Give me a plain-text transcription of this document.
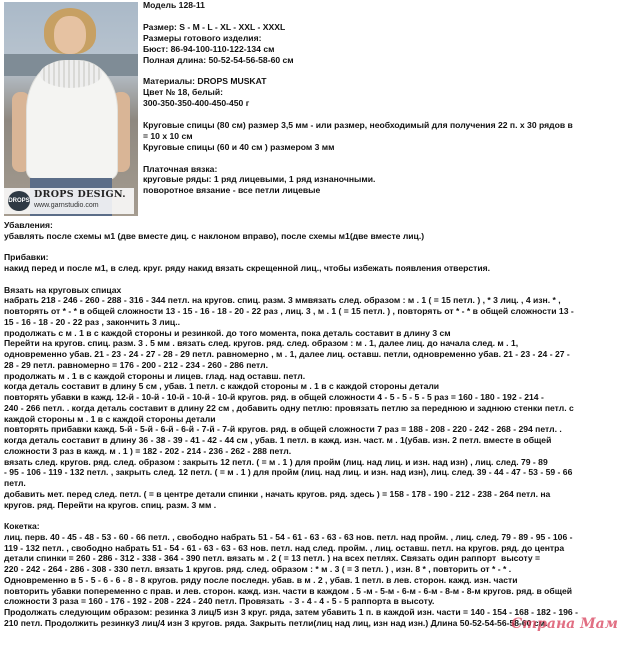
DROPS
DROPS DESIGN.
www.garnstudio.com
Модель 128-11
Размер: S - M - L - XL - XXL - XXXL
Размеры готового изделия:
Бюст: 86-94-100-110-122-134 см
Полная длина: 50-52-54-56-58-60 см
Материалы: DROPS MUSKAT
Цвет № 18, белый:
300-350-350-400-450-450 г
Круговые спицы (80 см) размер 3,5 мм - или размер, необходимый для получения 22 п. х 30 рядов в
= 10 х 10 см
Круговые спицы (60 и 40 см ) размером 3 мм
Платочная вязка:
круговые ряды: 1 ряд лицевыми, 1 ряд изнаночными.
поворотное вязание - все петли лицевые
Убавления:
убавлять после схемы м1 (две вместе диц. с наклоном вправо), после схемы м1(две вместе лиц.)
Прибавки:
накид перед и после м1, в след. круг. ряду накид вязать скрещенной лиц., чтобы избежать появления отверстия.
Вязать на круговых спицах
набрать 218 - 246 - 260 - 288 - 316 - 344 петл. на кругов. спиц. разм. 3 ммвязать след. образом : м . 1 ( = 15 петл. ) , * 3 лиц. , 4 изн. * ,
повторять от * - * в общей сложности 13 - 15 - 16 - 18 - 20 - 22 раз , лиц. 3 , м . 1 ( = 15 петл. ) , повторять от * - * в общей сложности 13 -
15 - 16 - 18 - 20 - 22 раз , закончить 3 лиц..
продолжать с м . 1 в с каждой стороны и резинкой. до того момента, пока деталь составит в длину 3 см
Перейти на кругов. спиц. разм. 3 . 5 мм . вязать след. кругов. ряд. след. образом : м . 1, далее лиц. до начала след. м . 1,
одновременно убав. 21 - 23 - 24 - 27 - 28 - 29 петл. равномерно , м . 1, далее лиц. оставш. петли, одновременно убав. 21 - 23 - 24 - 27 -
28 - 29 петл. равномерно = 176 - 200 - 212 - 234 - 260 - 286 петл.
продолжать м . 1 в с каждой стороны и лицев. глад. над оставш. петл.
когда деталь составит в длину 5 см , убав. 1 петл. с каждой стороны м . 1 в с каждой стороны детали
повторять убавки в кажд. 12-й - 10-й - 10-й - 10-й - 10-й кругов. ряд. в общей сложности 4 - 5 - 5 - 5 - 5 раз = 160 - 180 - 192 - 214 -
240 - 266 петл. . когда деталь составит в длину 22 см , добавить одну петлю: провязать петлю за переднюю и заднюю стенки петл. с
каждой стороны м . 1 в с каждой стороны детали
повторять прибавки кажд. 5-й - 5-й - 6-й - 6-й - 7-й - 7-й кругов. ряд. в общей сложности 7 раз = 188 - 208 - 220 - 242 - 268 - 294 петл. .
когда деталь составит в длину 36 - 38 - 39 - 41 - 42 - 44 см , убав. 1 петл. в кажд. изн. част. м . 1(убав. изн. 2 петл. вместе в общей
сложности 3 раз в кажд. м . 1 ) = 182 - 202 - 214 - 236 - 262 - 288 петл.
вязать след. кругов. ряд. след. образом : закрыть 12 петл. ( = м . 1 ) для пройм (лиц. над лиц. и изн. над изн) , лиц. след. 79 - 89
- 95 - 106 - 119 - 132 петл. , закрыть след. 12 петл. ( = м . 1 ) для пройм (лиц. над лиц. и изн. над изн), лиц. след. 39 - 44 - 47 - 53 - 59 - 66
петл.
добавить мет. перед след. петл. ( = в центре детали спинки , начать кругов. ряд. здесь ) = 158 - 178 - 190 - 212 - 238 - 264 петл. на
кругов. ряд. Перейти на кругов. спиц. разм. 3 мм .
Кокетка:
лиц. перв. 40 - 45 - 48 - 53 - 60 - 66 петл. , свободно набрать 51 - 54 - 61 - 63 - 63 - 63 нов. петл. над пройм. , лиц. след. 79 - 89 - 95 - 106 -
119 - 132 петл. , свободно набрать 51 - 54 - 61 - 63 - 63 - 63 нов. петл. над след. пройм. , лиц. оставш. петл. на кругов. ряд. до центра
детали спинки = 260 - 286 - 312 - 338 - 364 - 390 петл. вязать м . 2 ( = 13 петл. ) на всех петлях. Связать один раппорт  высоту =
220 - 242 - 264 - 286 - 308 - 330 петл. вязать 1 кругов. ряд. след. образом : * м . 3 ( = 3 петл. ) , изн. 8 * , повторить от * - * .
Одновременно в 5 - 5 - 6 - 6 - 8 - 8 кругов. ряду после последн. убав. в м . 2 , убав. 1 петл. в лев. сторон. кажд. изн. части
повторить убавки попеременно с прав. и лев. сторон. кажд. изн. части в каждом . 5 -м - 5-м - 6-м - 6-м - 8-м - 8-м кругов. ряд. в общей
сложности 3 раза = 160 - 176 - 192 - 208 - 224 - 240 петл. Провязать  - 3 - 4 - 4 - 5 - 5 раппорта в высоту.
Продолжать следующим образом: резинка 3 лиц/5 изн 3 круг. ряда, затем убавить 1 п. в каждой изн. части = 140 - 154 - 168 - 182 - 196 -
210 петл. Продолжить резинку3 лиц/4 изн 3 кругов. ряда. Закрыть петли(лиц над лиц, изн над изн.) Длина 50-52-54-56-58-60 см.
Страна Мам
